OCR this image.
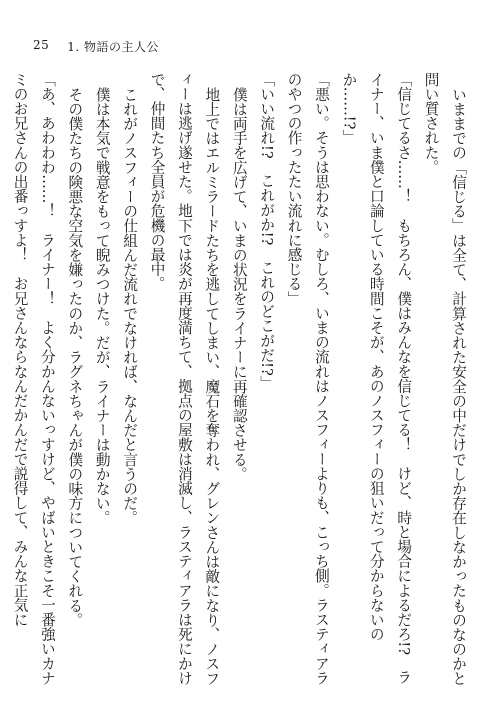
25 1. 物語の主人公

いままでの「信じる」は全て、計算された安全の中だけでしか存在しなかったものなのかと問い質された。

「信じてるさ……！　もちろん、僕はみんなを信じてる！　けど、時と場合によるだろ!?　ライナー、いま僕と口論している時間こそが、あのノスフィーの狙いだって分からないのか……!?」

「悪い。そうは思わない。むしろ、いまの流れはノスフィーよりも、こっち側。ラスティアラのやつの作ったたい流れに感じる」

「いい流れ!?　これがか!?　これのどこがだ!?」

僕は両手を広げて、いまの状況をライナーに再確認させる。

地上ではエルミラードたちを逃してしまい、魔石を奪われ、グレンさんは敵になり、ノスフィーは逃げ遂せた。地下では炎が再度満ちて、拠点の屋敷は消滅し、ラスティアラは死にかけで、仲間たち全員が危機の最中。

これがノスフィーの仕組んだ流れでなければ、なんだと言うのだ。

僕は本気で戦意をもって睨みつけた。だが、ライナーは動かない。

その僕たちの険悪な空気を嫌ったのか、ラグネちゃんが僕の味方についてくれる。

「あ、あわわわ……！　ライナー！　よく分かんないっすけど、やばいときこそ一番強いカナミのお兄さんの出番っすよ！　お兄さんならなんだかんだで説得して、みんな正気に
